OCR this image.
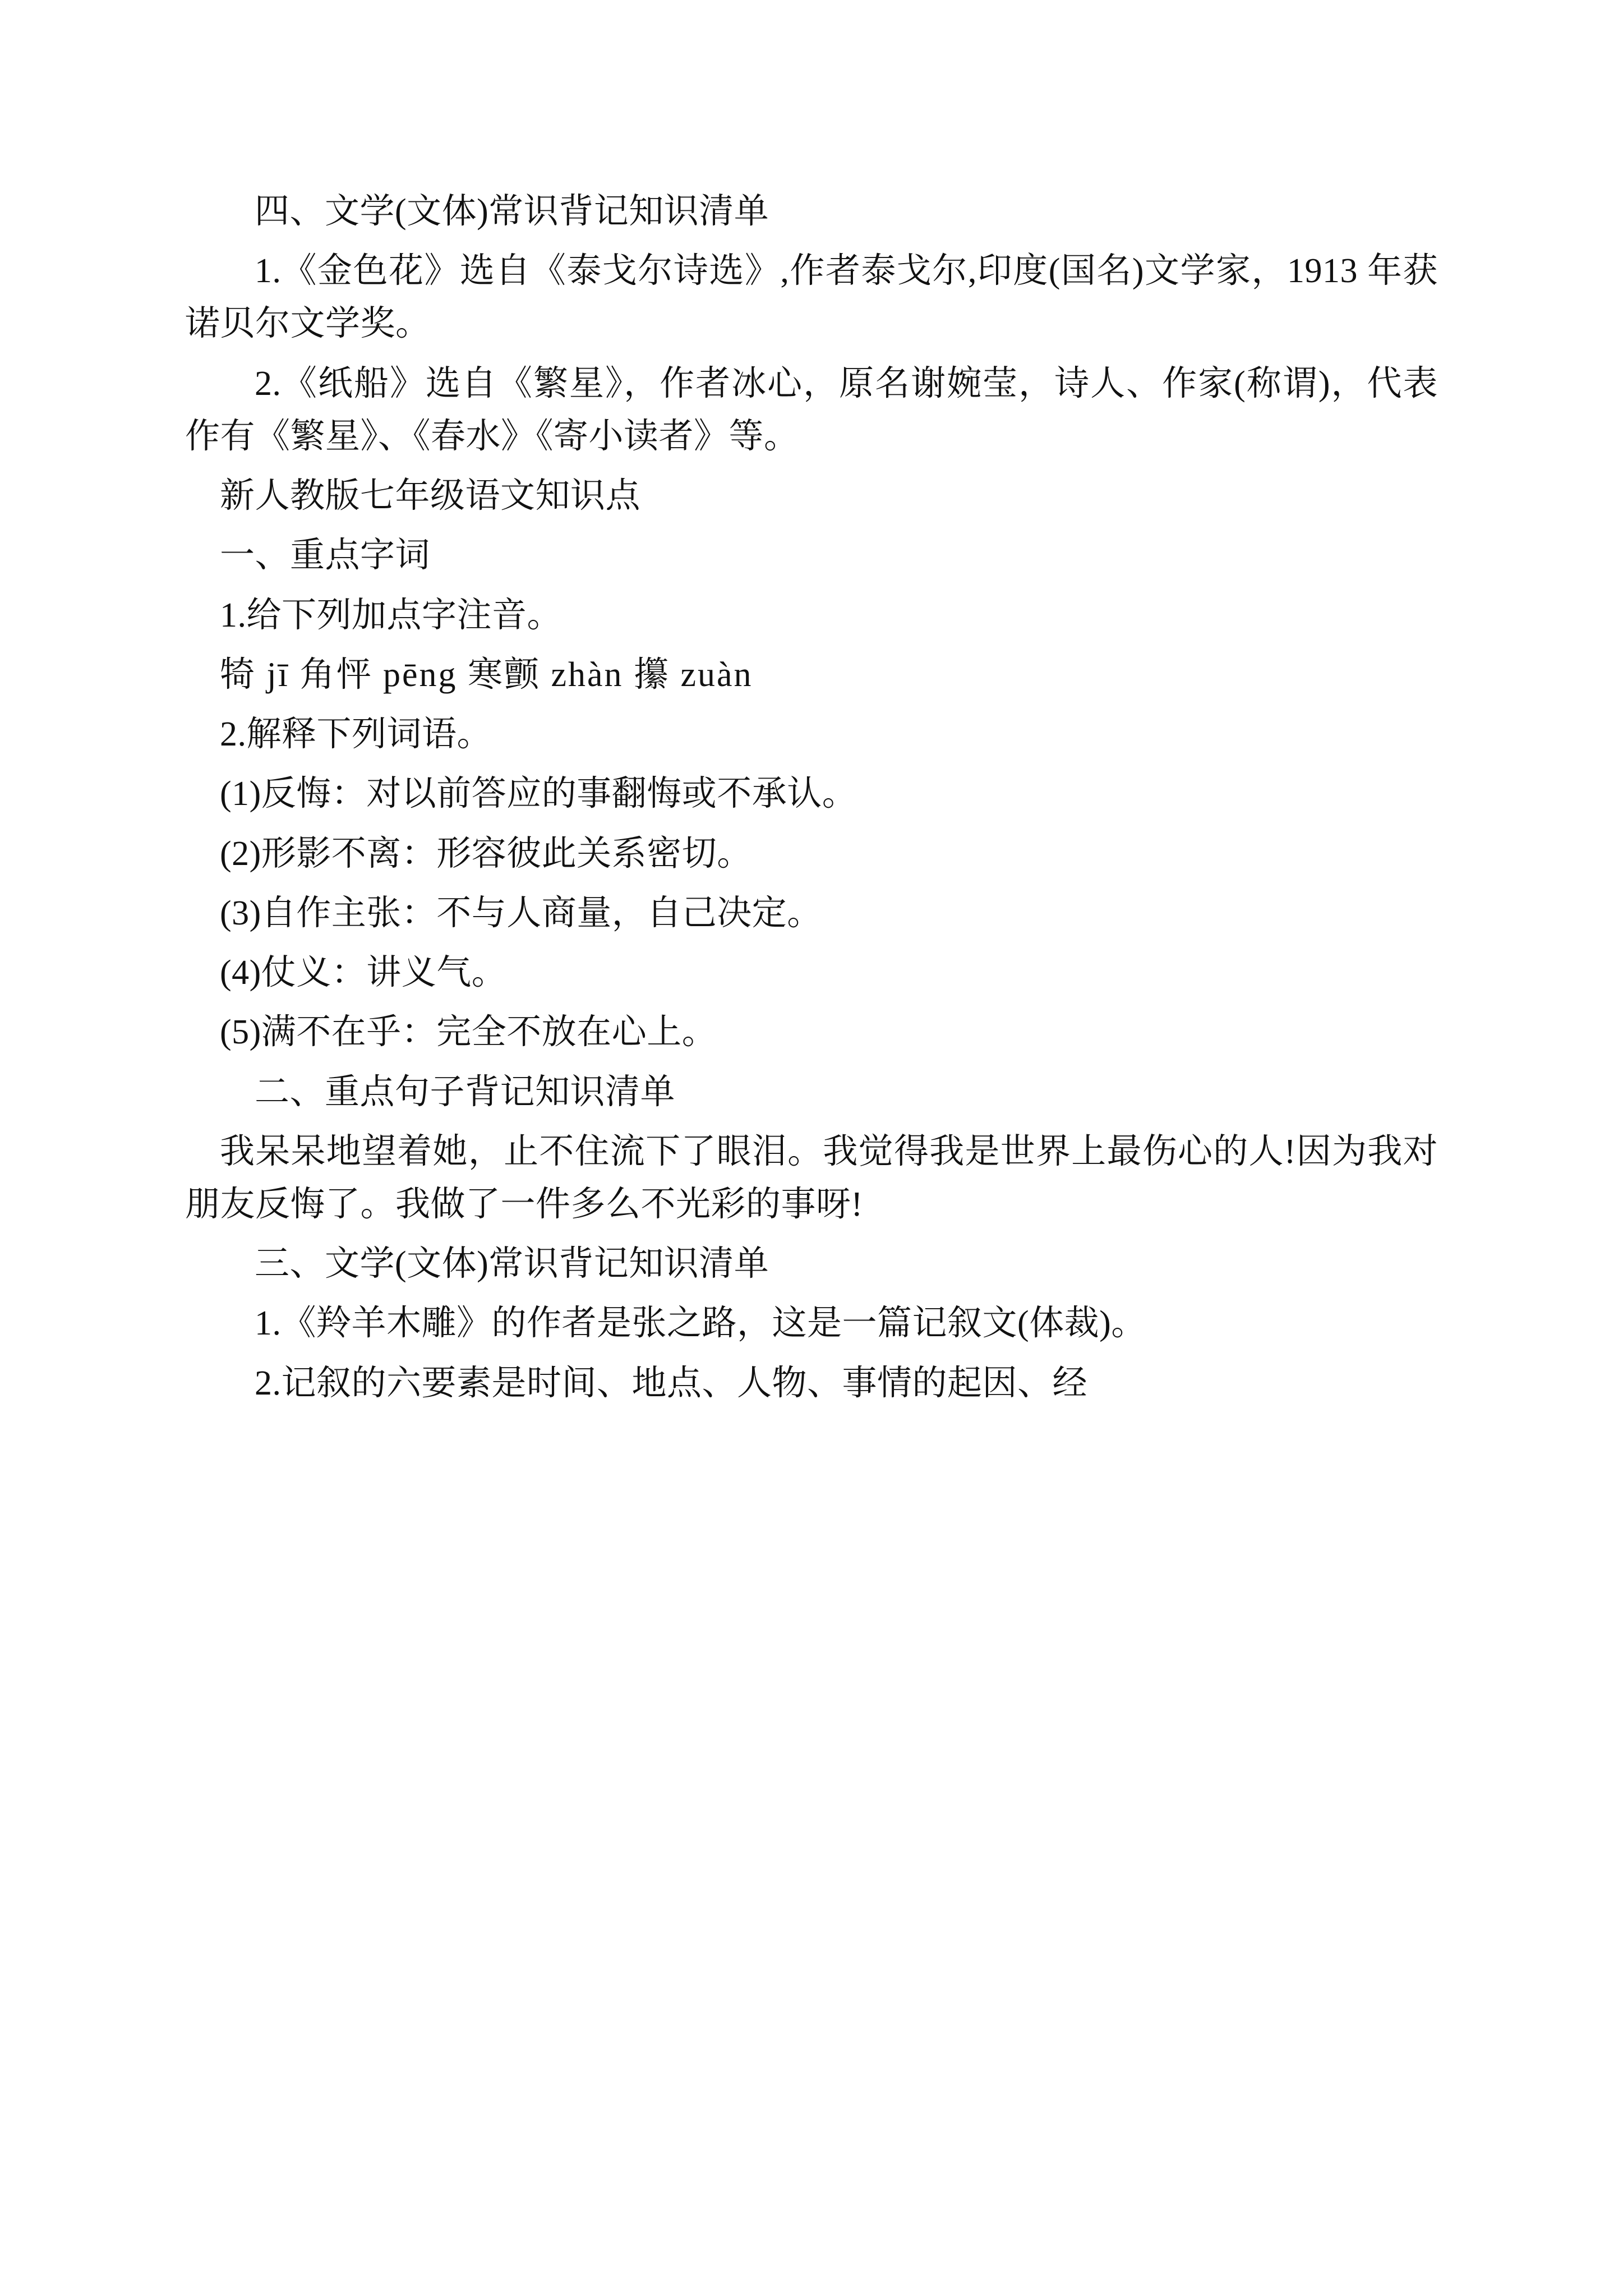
四、文学(文体)常识背记知识清单

1.《金色花》选自《泰戈尔诗选》,作者泰戈尔,印度(国名)文学家，1913 年获诺贝尔文学奖。

2.《纸船》选自《繁星》，作者冰心，原名谢婉莹，诗人、作家(称谓)，代表作有《繁星》、《春水》《寄小读者》等。

新人教版七年级语文知识点

一、重点字词

1.给下列加点字注音。

犄 jī 角怦 pēng 寒颤 zhàn 攥 zuàn

2.解释下列词语。

(1)反悔：对以前答应的事翻悔或不承认。

(2)形影不离：形容彼此关系密切。

(3)自作主张：不与人商量，自己决定。

(4)仗义：讲义气。

(5)满不在乎：完全不放在心上。

二、重点句子背记知识清单

我呆呆地望着她，止不住流下了眼泪。我觉得我是世界上最伤心的人!因为我对朋友反悔了。我做了一件多么不光彩的事呀!

三、文学(文体)常识背记知识清单

1.《羚羊木雕》的作者是张之路，这是一篇记叙文(体裁)。

2.记叙的六要素是时间、地点、人物、事情的起因、经
